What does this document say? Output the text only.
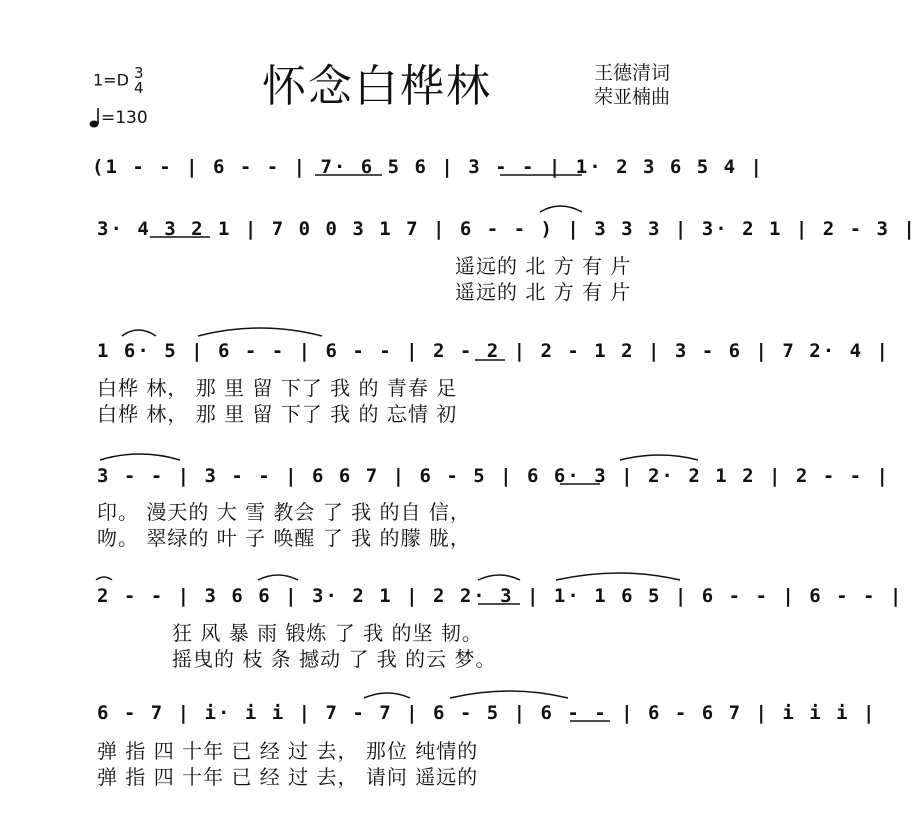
1=D 3
4
=130
怀念白桦林	王德清词
荣亚楠曲
(1 - - | 6 - - | 7· 6 5 6 | 3 - - | 1· 2 3 6 5 4 |
3· 4 3 2 1 | 7 0 0 3 1 7 | 6 - - ) | 3 3 3 | 3· 2 1 | 2 - 3 |
遥远的 北 方 有 片
遥远的 北 方 有 片
1 6· 5 | 6 - - | 6 - - | 2 - 2 | 2 - 1 2 | 3 - 6 | 7 2· 4 |
白桦 林， 那 里 留 下了 我 的 青春 足
白桦 林， 那 里 留 下了 我 的 忘情 初
3 - - | 3 - - | 6 6 7 | 6 - 5 | 6 6· 3 | 2· 2 1 2 | 2 - - |
印。 漫天的 大 雪 教会 了 我 的自 信，
吻。 翠绿的 叶 子 唤醒 了 我 的朦 胧，
2 - - | 3 6 6 | 3· 2 1 | 2 2· 3 | 1· 1 6 5 | 6 - - | 6 - - |
狂 风 暴 雨 锻炼 了 我 的坚 韧。
摇曳的 枝 条 撼动 了 我 的云 梦。
6 - 7 | i· i i | 7 - 7 | 6 - 5 | 6 - - | 6 - 6 7 | i i i |
弹 指 四 十年 已 经 过 去， 那位 纯情的
弹 指 四 十年 已 经 过 去， 请问 遥远的
